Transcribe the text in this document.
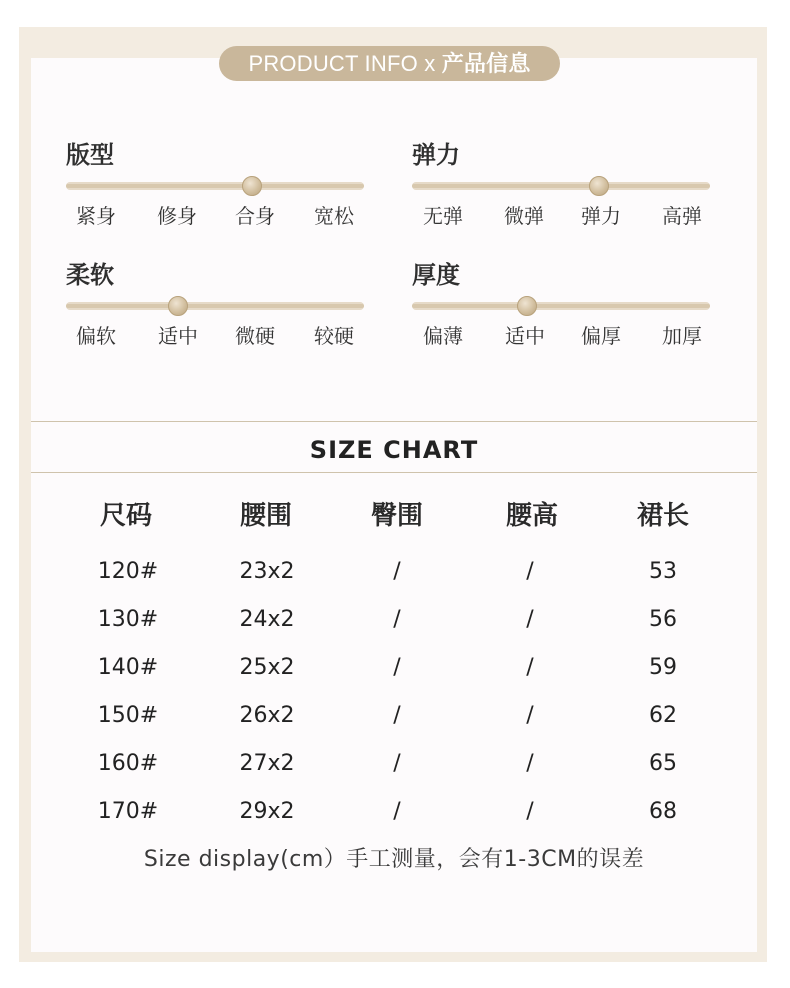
PRODUCT INFO x 产品信息
版型
紧身	修身	合身	宽松
弹力
无弹	微弹	弹力	高弹
柔软
偏软	适中	微硬	较硬
厚度
偏薄	适中	偏厚	加厚
SIZE CHART
尺码	腰围	臀围	腰高	裙长
120#	23x2	/	/	53
130#	24x2	/	/	56
140#	25x2	/	/	59
150#	26x2	/	/	62
160#	27x2	/	/	65
170#	29x2	/	/	68
Size display(cm）手工测量，会有1-3CM的误差
